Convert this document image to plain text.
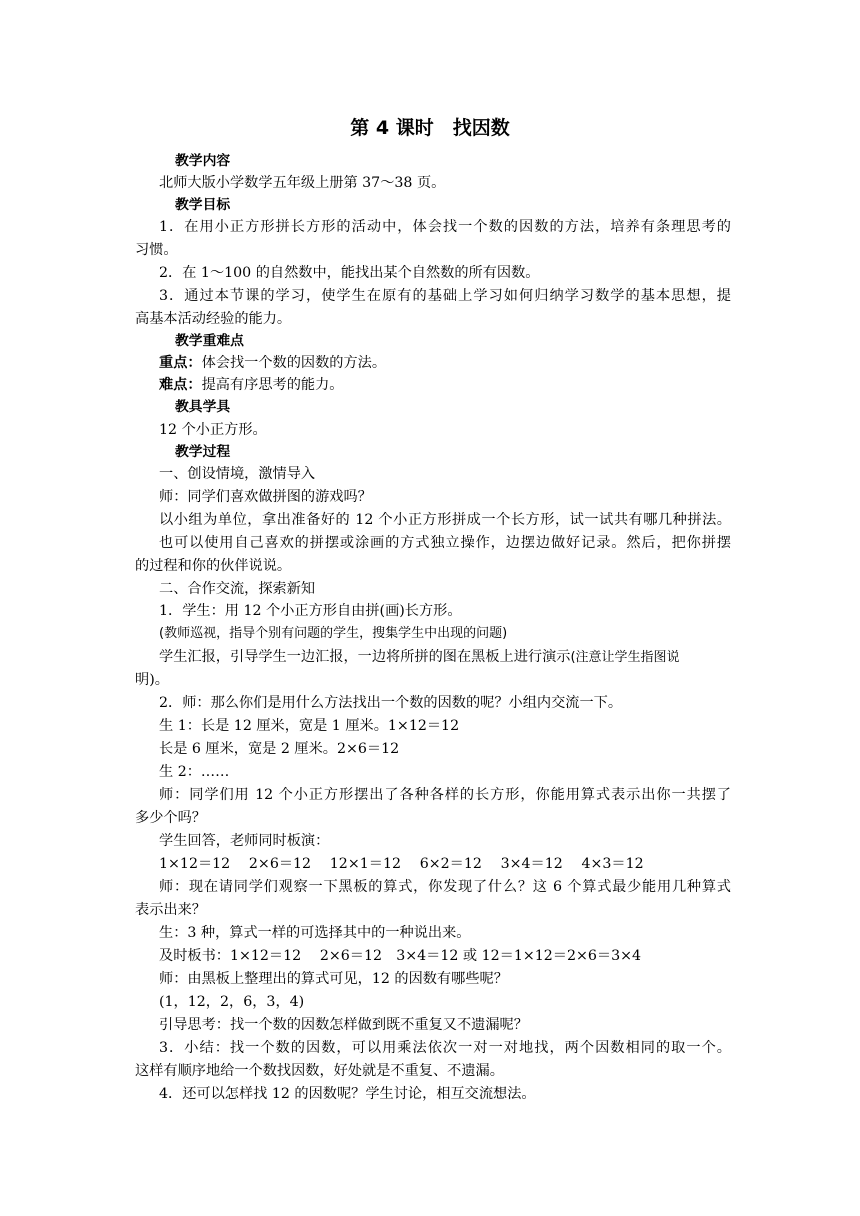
第 4 课时　找因数
教学内容
北师大版小学数学五年级上册第 37～38 页。
教学目标
1．在用小正方形拼长方形的活动中，体会找一个数的因数的方法，培养有条理思考的
习惯。
2．在 1～100 的自然数中，能找出某个自然数的所有因数。
3．通过本节课的学习，使学生在原有的基础上学习如何归纳学习数学的基本思想，提
高基本活动经验的能力。
教学重难点
重点：体会找一个数的因数的方法。
难点：提高有序思考的能力。
教具学具
12 个小正方形。
教学过程
一、创设情境，激情导入
师：同学们喜欢做拼图的游戏吗？
以小组为单位，拿出准备好的 12 个小正方形拼成一个长方形，试一试共有哪几种拼法。
也可以使用自己喜欢的拼摆或涂画的方式独立操作，边摆边做好记录。然后，把你拼摆
的过程和你的伙伴说说。
二、合作交流，探索新知
1．学生：用 12 个小正方形自由拼(画)长方形。
(教师巡视，指导个别有问题的学生，搜集学生中出现的问题)
学生汇报，引导学生一边汇报，一边将所拼的图在黑板上进行演示(注意让学生指图说
明)。
2．师：那么你们是用什么方法找出一个数的因数的呢？小组内交流一下。
生 1：长是 12 厘米，宽是 1 厘米。1×12＝12
长是 6 厘米，宽是 2 厘米。2×6＝12
生 2：……
师：同学们用 12 个小正方形摆出了各种各样的长方形，你能用算式表示出你一共摆了
多少个吗？
学生回答，老师同时板演：
1×12＝12　 2×6＝12　 12×1＝12　 6×2＝12　 3×4＝12　 4×3＝12
师：现在请同学们观察一下黑板的算式，你发现了什么？这 6 个算式最少能用几种算式
表示出来？
生：3 种，算式一样的可选择其中的一种说出来。
及时板书：1×12＝12　 2×6＝12　3×4＝12 或 12＝1×12＝2×6＝3×4
师：由黑板上整理出的算式可见，12 的因数有哪些呢？
(1，12，2，6，3，4)
引导思考：找一个数的因数怎样做到既不重复又不遗漏呢？
3．小结：找一个数的因数，可以用乘法依次一对一对地找，两个因数相同的取一个。
这样有顺序地给一个数找因数，好处就是不重复、不遗漏。
4．还可以怎样找 12 的因数呢？学生讨论，相互交流想法。
